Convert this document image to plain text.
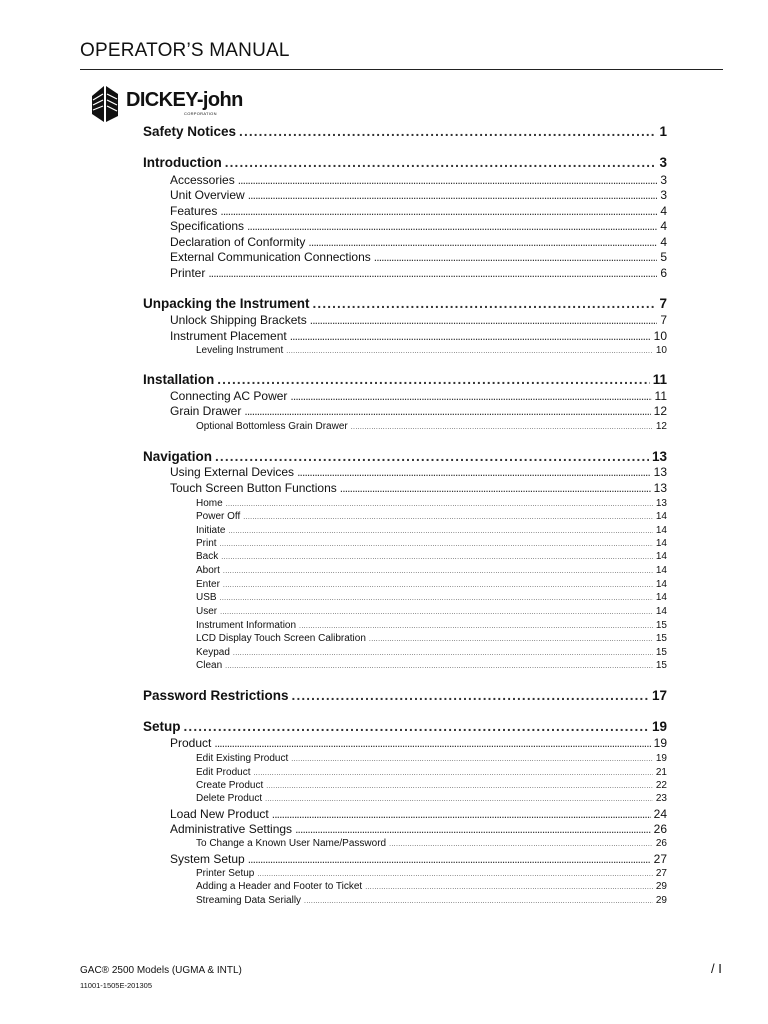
OPERATOR’S MANUAL
DICKEY-john
CORPORATION
Safety Notices . . .	1
Introduction . . .	3
Accessories . . .	3
Unit Overview . . .	3
Features . . .	4
Specifications . . .	4
Declaration of Conformity . . .	4
External Communication Connections . . .	5
Printer . . .	6
Unpacking the Instrument . . .	7
Unlock Shipping Brackets . . .	7
Instrument Placement . . .	10
Leveling Instrument . . .	10
Installation . . .	11
Connecting AC Power . . .	11
Grain Drawer . . .	12
Optional Bottomless Grain Drawer . . .	12
Navigation . . .	13
Using External Devices . . .	13
Touch Screen Button Functions . . .	13
Home . . .	13
Power Off . . .	14
Initiate . . .	14
Print . . .	14
Back . . .	14
Abort . . .	14
Enter . . .	14
USB . . .	14
User . . .	14
Instrument Information . . .	15
LCD Display Touch Screen Calibration . . .	15
Keypad . . .	15
Clean . . .	15
Password Restrictions . . .	17
Setup . . .	19
Product . . .	19
Edit Existing Product . . .	19
Edit Product . . .	21
Create Product . . .	22
Delete Product . . .	23
Load New Product . . .	24
Administrative Settings . . .	26
To Change a Known User Name/Password . . .	26
System Setup . . .	27
Printer Setup . . .	27
Adding a Header and Footer to Ticket . . .	29
Streaming Data Serially . . .	29
GAC® 2500 Models (UGMA & INTL)
11001-1505E-201305
/ I
